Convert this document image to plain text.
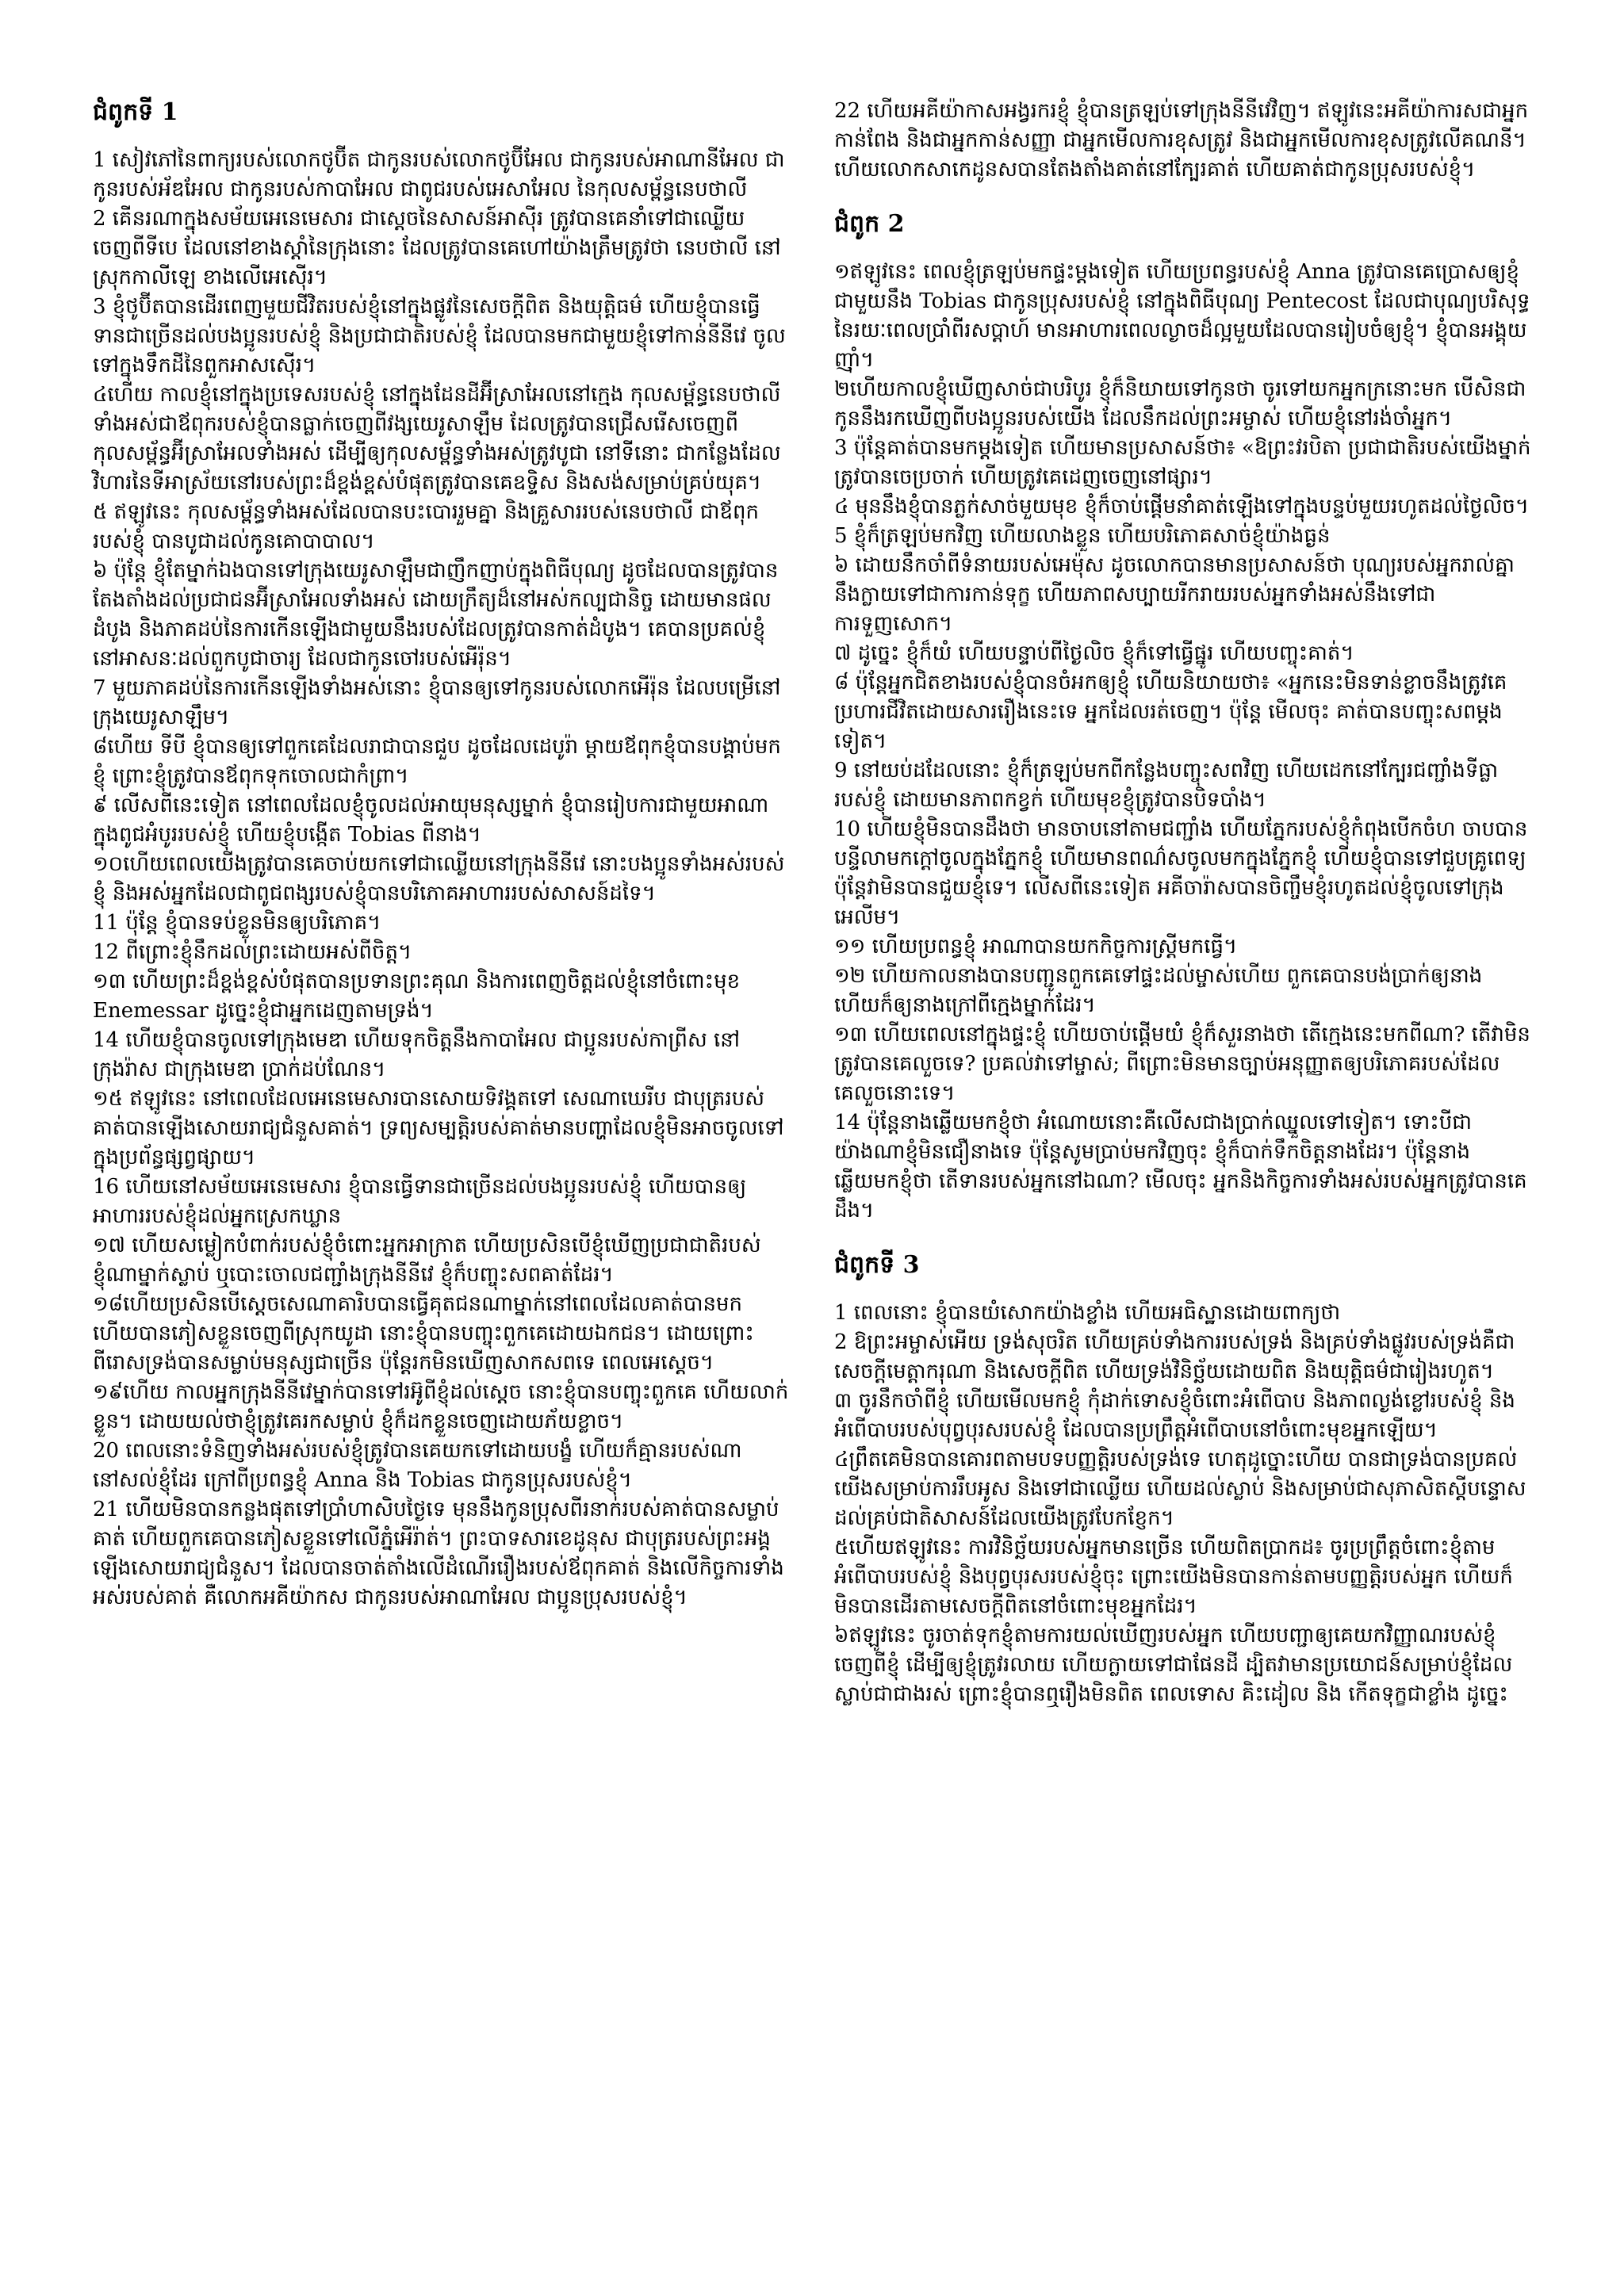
ជំពូកទី 1

1 សៀវភៅនៃពាក្យរបស់លោកថូប៊ីត ជាកូនរបស់លោកថូប៊ីអែល ជាកូនរបស់អាណានីអែល ជាកូនរបស់អ័ឌអែល ជាកូនរបស់កាបាអែល ជាពូជរបស់អេសាអែល នៃកុលសម្ព័ន្ធនេបថាលី

2 គើនរណាក្នុងសម័យអេនេមេសារ ជាស្តេចនៃសាសន៍អាស៊ីរ ត្រូវបានគេនាំទៅជាឈ្លើយចេញពីទីបេ ដែលនៅខាងស្តាំនៃក្រុងនោះ ដែលត្រូវបានគេហៅយ៉ាងត្រឹមត្រូវថា នេបថាលី នៅស្រុកកាលីឡេ ខាងលើអេស៊ើរ។

3 ខ្ញុំថូប៊ីតបានដើរពេញមួយជីវិតរបស់ខ្ញុំនៅក្នុងផ្លូវនៃសេចក្តីពិត និងយុត្តិធម៌ ហើយខ្ញុំបានធ្វើទានជាច្រើនដល់បងប្អូនរបស់ខ្ញុំ និងប្រជាជាតិរបស់ខ្ញុំ ដែលបានមកជាមួយខ្ញុំទៅកាន់នីនីវេ ចូលទៅក្នុងទឹកដីនៃពួកអាសស៊ើរ។

៤ហើយ កាលខ្ញុំនៅក្នុងប្រទេសរបស់ខ្ញុំ នៅក្នុងដែនដីអ៊ីស្រាអែលនៅក្មេង កុលសម្ព័ន្ធនេបថាលីទាំងអស់ជាឪពុករបស់ខ្ញុំបានធ្លាក់ចេញពីវង្សយេរូសាឡឹម ដែលត្រូវបានជ្រើសរើសចេញពីកុលសម្ព័ន្ធអ៊ីស្រាអែលទាំងអស់ ដើម្បីឲ្យកុលសម្ព័ន្ធទាំងអស់ត្រូវបូជា នៅទីនោះ ជាកន្លែងដែលវិហារនៃទីអាស្រ័យនៅរបស់ព្រះដ៏ខ្ពង់ខ្ពស់បំផុតត្រូវបានគេឧទ្ទិស និងសង់សម្រាប់គ្រប់យុគ។

៥ ឥឡូវនេះ កុលសម្ព័ន្ធទាំងអស់ដែលបានបះបោររួមគ្នា និងគ្រួសាររបស់នេបថាលី ជាឪពុករបស់ខ្ញុំ បានបូជាដល់កូនគោបាបាល។

៦ ប៉ុន្តែ ខ្ញុំតែម្នាក់ឯងបានទៅក្រុងយេរូសាឡឹមជាញឹកញាប់ក្នុងពិធីបុណ្យ ដូចដែលបានត្រូវបានតែងតាំងដល់ប្រជាជនអ៊ីស្រាអែលទាំងអស់ ដោយក្រឹត្យដ៏នៅអស់កល្បជានិច្ច ដោយមានផលដំបូង និងភាគដប់នៃការកើនឡើងជាមួយនឹងរបស់ដែលត្រូវបានកាត់ដំបូង។ គេបានប្រគល់ខ្ញុំនៅអាសនៈដល់ពួកបូជាចារ្យ ដែលជាកូនចៅរបស់អើរ៉ុន។

7 មួយភាគដប់នៃការកើនឡើងទាំងអស់នោះ ខ្ញុំបានឲ្យទៅកូនរបស់លោកអើរ៉ុន ដែលបម្រើនៅក្រុងយេរូសាឡឹម។

៨ហើយ ទីបី ខ្ញុំបានឲ្យទៅពួកគេដែលរាជាបានជួប ដូចដែលដេបូរ៉ា ម្តាយឪពុកខ្ញុំបានបង្គាប់មកខ្ញុំ ព្រោះខ្ញុំត្រូវបានឪពុកទុកចោលជាកំព្រា។

៩ លើសពីនេះទៀត នៅពេលដែលខ្ញុំចូលដល់អាយុមនុស្សម្នាក់ ខ្ញុំបានរៀបការជាមួយអាណាក្នុងពូជអំបូររបស់ខ្ញុំ ហើយខ្ញុំបង្កើត Tobias ពីនាង។

១០ហើយពេលយើងត្រូវបានគេចាប់យកទៅជាឈ្លើយនៅក្រុងនីនីវេ នោះបងប្អូនទាំងអស់របស់ខ្ញុំ និងអស់អ្នកដែលជាពូជពង្សរបស់ខ្ញុំបានបរិភោគអាហាររបស់សាសន៍ដទៃ។

11 ប៉ុន្តែ ខ្ញុំបានទប់ខ្លួនមិនឲ្យបរិភោគ។

12 ពីព្រោះខ្ញុំនឹកដល់ព្រះដោយអស់ពីចិត្ត។

១៣ ហើយព្រះដ៏ខ្ពង់ខ្ពស់បំផុតបានប្រទានព្រះគុណ និងការពេញចិត្តដល់ខ្ញុំនៅចំពោះមុខ Enemessar ដូច្នេះខ្ញុំជាអ្នកដេញតាមទ្រង់។

14 ហើយខ្ញុំបានចូលទៅក្រុងមេឌា ហើយទុកចិត្តនឹងកាបាអែល ជាប្អូនរបស់កាព្រីស នៅក្រុងរ៉ាស ជាក្រុងមេឌា ប្រាក់ដប់ណែន។

១៥ ឥឡូវនេះ នៅពេលដែលអេនេមេសារបានសោយទិវង្គតទៅ សេណាឃេរីប ជាបុត្ររបស់គាត់បានឡើងសោយរាជ្យជំនួសគាត់។ ទ្រព្យសម្បត្តិរបស់គាត់មានបញ្ហាដែលខ្ញុំមិនអាចចូលទៅក្នុងប្រព័ន្ធផ្សព្វផ្សាយ។

16 ហើយនៅសម័យអេនេមេសារ ខ្ញុំបានធ្វើទានជាច្រើនដល់បងប្អូនរបស់ខ្ញុំ ហើយបានឲ្យអាហាររបស់ខ្ញុំដល់អ្នកស្រេកឃ្លាន

១៧ ហើយសម្លៀកបំពាក់របស់ខ្ញុំចំពោះអ្នកអាក្រាត ហើយប្រសិនបើខ្ញុំឃើញប្រជាជាតិរបស់ខ្ញុំណាម្នាក់ស្លាប់ ឬបោះចោលជញ្ជាំងក្រុងនីនីវេ ខ្ញុំក៏បញ្ចុះសពគាត់ដែរ។

១៨ហើយប្រសិនបើស្តេចសេណាគារិបបានធ្វើគុតជនណាម្នាក់នៅពេលដែលគាត់បានមក ហើយបានភៀសខ្លួនចេញពីស្រុកយូដា នោះខ្ញុំបានបញ្ចុះពួកគេដោយឯកជន។ ដោយព្រោះពីរោសទ្រង់បានសម្លាប់មនុស្សជាច្រើន ប៉ុន្តែរកមិនឃើញសាកសពទេ ពេលអេស្តេច។

១៩ហើយ កាលអ្នកក្រុងនីនីវេម្នាក់បានទៅរអ៊ូពីខ្ញុំដល់ស្តេច នោះខ្ញុំបានបញ្ចុះពួកគេ ហើយលាក់ខ្លួន។ ដោយយល់ថាខ្ញុំត្រូវគេរកសម្លាប់ ខ្ញុំក៏ដកខ្លួនចេញដោយភ័យខ្លាច។

20 ពេលនោះទំនិញទាំងអស់របស់ខ្ញុំត្រូវបានគេយកទៅដោយបង្ខំ ហើយក៏គ្មានរបស់ណានៅសល់ខ្ញុំដែរ ក្រៅពីប្រពន្ធខ្ញុំ Anna និង Tobias ជាកូនប្រុសរបស់ខ្ញុំ។

21 ហើយមិនបានកន្លងផុតទៅប្រាំហាសិបថ្ងៃទេ មុននឹងកូនប្រុសពីរនាក់របស់គាត់បានសម្លាប់គាត់ ហើយពួកគេបានភៀសខ្លួនទៅលើភ្នំអើរ៉ាត់។ ព្រះបាទសារខេដូនុស ជាបុត្ររបស់ព្រះអង្គឡើងសោយរាជ្យជំនួស។ ដែលបានចាត់តាំងលើដំណើររឿងរបស់ឪពុកគាត់ និងលើកិច្ចការទាំងអស់របស់គាត់ គឺលោកអគីយ៉ាកស ជាកូនរបស់អាណាអែល ជាប្អូនប្រុសរបស់ខ្ញុំ។

22 ហើយអគីយ៉ាកាសអង្វរករខ្ញុំ ខ្ញុំបានត្រឡប់ទៅក្រុងនីនីវេវិញ។ ឥឡូវនេះអគីយ៉ាការសជាអ្នកកាន់ពែង និងជាអ្នកកាន់សញ្ញា ជាអ្នកមើលការខុសត្រូវ និងជាអ្នកមើលការខុសត្រូវលើគណនី។ ហើយលោកសាកេដូនសបានតែងតាំងគាត់នៅក្បែរគាត់ ហើយគាត់ជាកូនប្រុសរបស់ខ្ញុំ។

ជំពូក 2

១ឥឡូវនេះ ពេលខ្ញុំត្រឡប់មកផ្ទះម្តងទៀត ហើយប្រពន្ធរបស់ខ្ញុំ Anna ត្រូវបានគេប្រោសឲ្យខ្ញុំជាមួយនឹង Tobias ជាកូនប្រុសរបស់ខ្ញុំ នៅក្នុងពិធីបុណ្យ Pentecost ដែលជាបុណ្យបរិសុទ្ធនៃរយៈពេលប្រាំពីរសប្តាហ៍ មានអាហារពេលល្ងាចដ៏ល្អមួយដែលបានរៀបចំឲ្យខ្ញុំ។ ខ្ញុំបានអង្គុយញ៉ាំ។

២ហើយកាលខ្ញុំឃើញសាច់ជាបរិបូរ ខ្ញុំក៏និយាយទៅកូនថា ចូរទៅយកអ្នកក្រនោះមក បើសិនជាកូននឹងរកឃើញពីបងប្អូនរបស់យើង ដែលនឹកដល់ព្រះអម្ចាស់ ហើយខ្ញុំនៅរង់ចាំអ្នក។

3 ប៉ុន្តែគាត់បានមកម្តងទៀត ហើយមានប្រសាសន៍ថា៖ «ឱព្រះវរបិតា ប្រជាជាតិរបស់យើងម្នាក់ត្រូវបានចេប្រចាក់ ហើយត្រូវគេដេញចេញនៅផ្សារ។

៤ មុននឹងខ្ញុំបានភ្លក់សាច់មួយមុខ ខ្ញុំក៏ចាប់ផ្តើមនាំគាត់ឡើងទៅក្នុងបន្ទប់មួយរហូតដល់ថ្ងៃលិច។

5 ខ្ញុំក៏ត្រឡប់មកវិញ ហើយលាងខ្លួន ហើយបរិភោគសាច់ខ្ញុំយ៉ាងធ្ងន់

៦ ដោយនឹកចាំពីទំនាយរបស់អេម៉ុស ដូចលោកបានមានប្រសាសន៍ថា បុណ្យរបស់អ្នករាល់គ្នានឹងក្លាយទៅជាការកាន់ទុក្ខ ហើយភាពសប្បាយរីករាយរបស់អ្នកទាំងអស់នឹងទៅជាការទួញសោក។

៧ ដូច្នេះ ខ្ញុំក៏យំ ហើយបន្ទាប់ពីថ្ងៃលិច ខ្ញុំក៏ទៅធ្វើផ្នូរ ហើយបញ្ចុះគាត់។

៨ ប៉ុន្តែអ្នកជិតខាងរបស់ខ្ញុំបានចំអកឲ្យខ្ញុំ ហើយនិយាយថា៖ «អ្នកនេះមិនទាន់ខ្លាចនឹងត្រូវគេប្រហារជីវិតដោយសាររឿងនេះទេ អ្នកដែលរត់ចេញ។ ប៉ុន្តែ មើលចុះ គាត់បានបញ្ចុះសពម្តងទៀត។

9 នៅយប់ដដែលនោះ ខ្ញុំក៏ត្រឡប់មកពីកន្លែងបញ្ចុះសពវិញ ហើយដេកនៅក្បែរជញ្ជាំងទីធ្លារបស់ខ្ញុំ ដោយមានភាពកខ្វក់ ហើយមុខខ្ញុំត្រូវបានបិទបាំង។

10 ហើយខ្ញុំមិនបានដឹងថា មានចាបនៅតាមជញ្ជាំង ហើយភ្នែករបស់ខ្ញុំកំពុងបើកចំហ ចាបបានបន្ទីលាមកក្តៅចូលក្នុងភ្នែកខ្ញុំ ហើយមានពណ៌សចូលមកក្នុងភ្នែកខ្ញុំ ហើយខ្ញុំបានទៅជួបគ្រូពេទ្យ ប៉ុន្តែវាមិនបានជួយខ្ញុំទេ។ លើសពីនេះទៀត អគីចារ៉ាសបានចិញ្ចឹមខ្ញុំរហូតដល់ខ្ញុំចូលទៅក្រុងអេលីម។

១១ ហើយប្រពន្ធខ្ញុំ អាណាបានយកកិច្ចការស្ត្រីមកធ្វើ។

១២ ហើយកាលនាងបានបញ្ជូនពួកគេទៅផ្ទះដល់ម្ចាស់ហើយ ពួកគេបានបង់ប្រាក់ឲ្យនាង ហើយក៏ឲ្យនាងក្រៅពីក្មេងម្នាក់ដែរ។

១៣ ហើយពេលនៅក្នុងផ្ទះខ្ញុំ ហើយចាប់ផ្តើមយំ ខ្ញុំក៏សួរនាងថា តើក្មេងនេះមកពីណា? តើវាមិនត្រូវបានគេលួចទេ? ប្រគល់វាទៅម្ចាស់; ពីព្រោះមិនមានច្បាប់អនុញ្ញាតឲ្យបរិភោគរបស់ដែលគេលួចនោះទេ។

14 ប៉ុន្តែនាងឆ្លើយមកខ្ញុំថា អំណោយនោះគឺលើសជាងប្រាក់ឈ្នួលទៅទៀត។ ទោះបីជាយ៉ាងណាខ្ញុំមិនជឿនាងទេ ប៉ុន្តែសូមប្រាប់មកវិញចុះ ខ្ញុំក៏បាក់ទឹកចិត្តនាងដែរ។ ប៉ុន្តែនាងឆ្លើយមកខ្ញុំថា តើទានរបស់អ្នកនៅឯណា? មើលចុះ អ្នកនិងកិច្ចការទាំងអស់របស់អ្នកត្រូវបានគេដឹង។

ជំពូកទី 3

1 ពេលនោះ ខ្ញុំបានយំសោកយ៉ាងខ្លាំង ហើយអធិស្ឋានដោយពាក្យថា

2 ឱព្រះអម្ចាស់អើយ ទ្រង់សុចរិត ហើយគ្រប់ទាំងការរបស់ទ្រង់ និងគ្រប់ទាំងផ្លូវរបស់ទ្រង់គឺជាសេចក្តីមេត្តាករុណា និងសេចក្តីពិត ហើយទ្រង់វិនិច្ឆ័យដោយពិត និងយុត្តិធម៌ជារៀងរហូត។

៣ ចូរនឹកចាំពីខ្ញុំ ហើយមើលមកខ្ញុំ កុំដាក់ទោសខ្ញុំចំពោះអំពើបាប និងភាពល្ងង់ខ្លៅរបស់ខ្ញុំ និងអំពើបាបរបស់បុព្វបុរសរបស់ខ្ញុំ ដែលបានប្រព្រឹត្តអំពើបាបនៅចំពោះមុខអ្នកឡើយ។

៤ព្រឹតគេមិនបានគោរពតាមបទបញ្ញត្តិរបស់ទ្រង់ទេ ហេតុដូច្នោះហើយ បានជាទ្រង់បានប្រគល់យើងសម្រាប់ការរឹបអូស និងទៅជាឈ្លើយ ហើយដល់ស្លាប់ និងសម្រាប់ជាសុភាសិតស្តីបន្ទោសដល់គ្រប់ជាតិសាសន៍ដែលយើងត្រូវបែកខ្ញែក។

៥ហើយឥឡូវនេះ ការវិនិច្ឆ័យរបស់អ្នកមានច្រើន ហើយពិតប្រាកដ៖ ចូរប្រព្រឹត្តចំពោះខ្ញុំតាមអំពើបាបរបស់ខ្ញុំ និងបុព្វបុរសរបស់ខ្ញុំចុះ ព្រោះយើងមិនបានកាន់តាមបញ្ញត្តិរបស់អ្នក ហើយក៏មិនបានដើរតាមសេចក្តីពិតនៅចំពោះមុខអ្នកដែរ។

៦ឥឡូវនេះ ចូរចាត់ទុកខ្ញុំតាមការយល់ឃើញរបស់អ្នក ហើយបញ្ជាឲ្យគេយកវិញ្ញាណរបស់ខ្ញុំចេញពីខ្ញុំ ដើម្បីឲ្យខ្ញុំត្រូវរលាយ ហើយក្លាយទៅជាផែនដី ដ្បិតវាមានប្រយោជន៍សម្រាប់ខ្ញុំដែលស្លាប់ជាជាងរស់ ព្រោះខ្ញុំបានឮរឿងមិនពិត ពេលទោស គិះដៀល និង កើតទុក្ខជាខ្លាំង ដូច្នេះ
